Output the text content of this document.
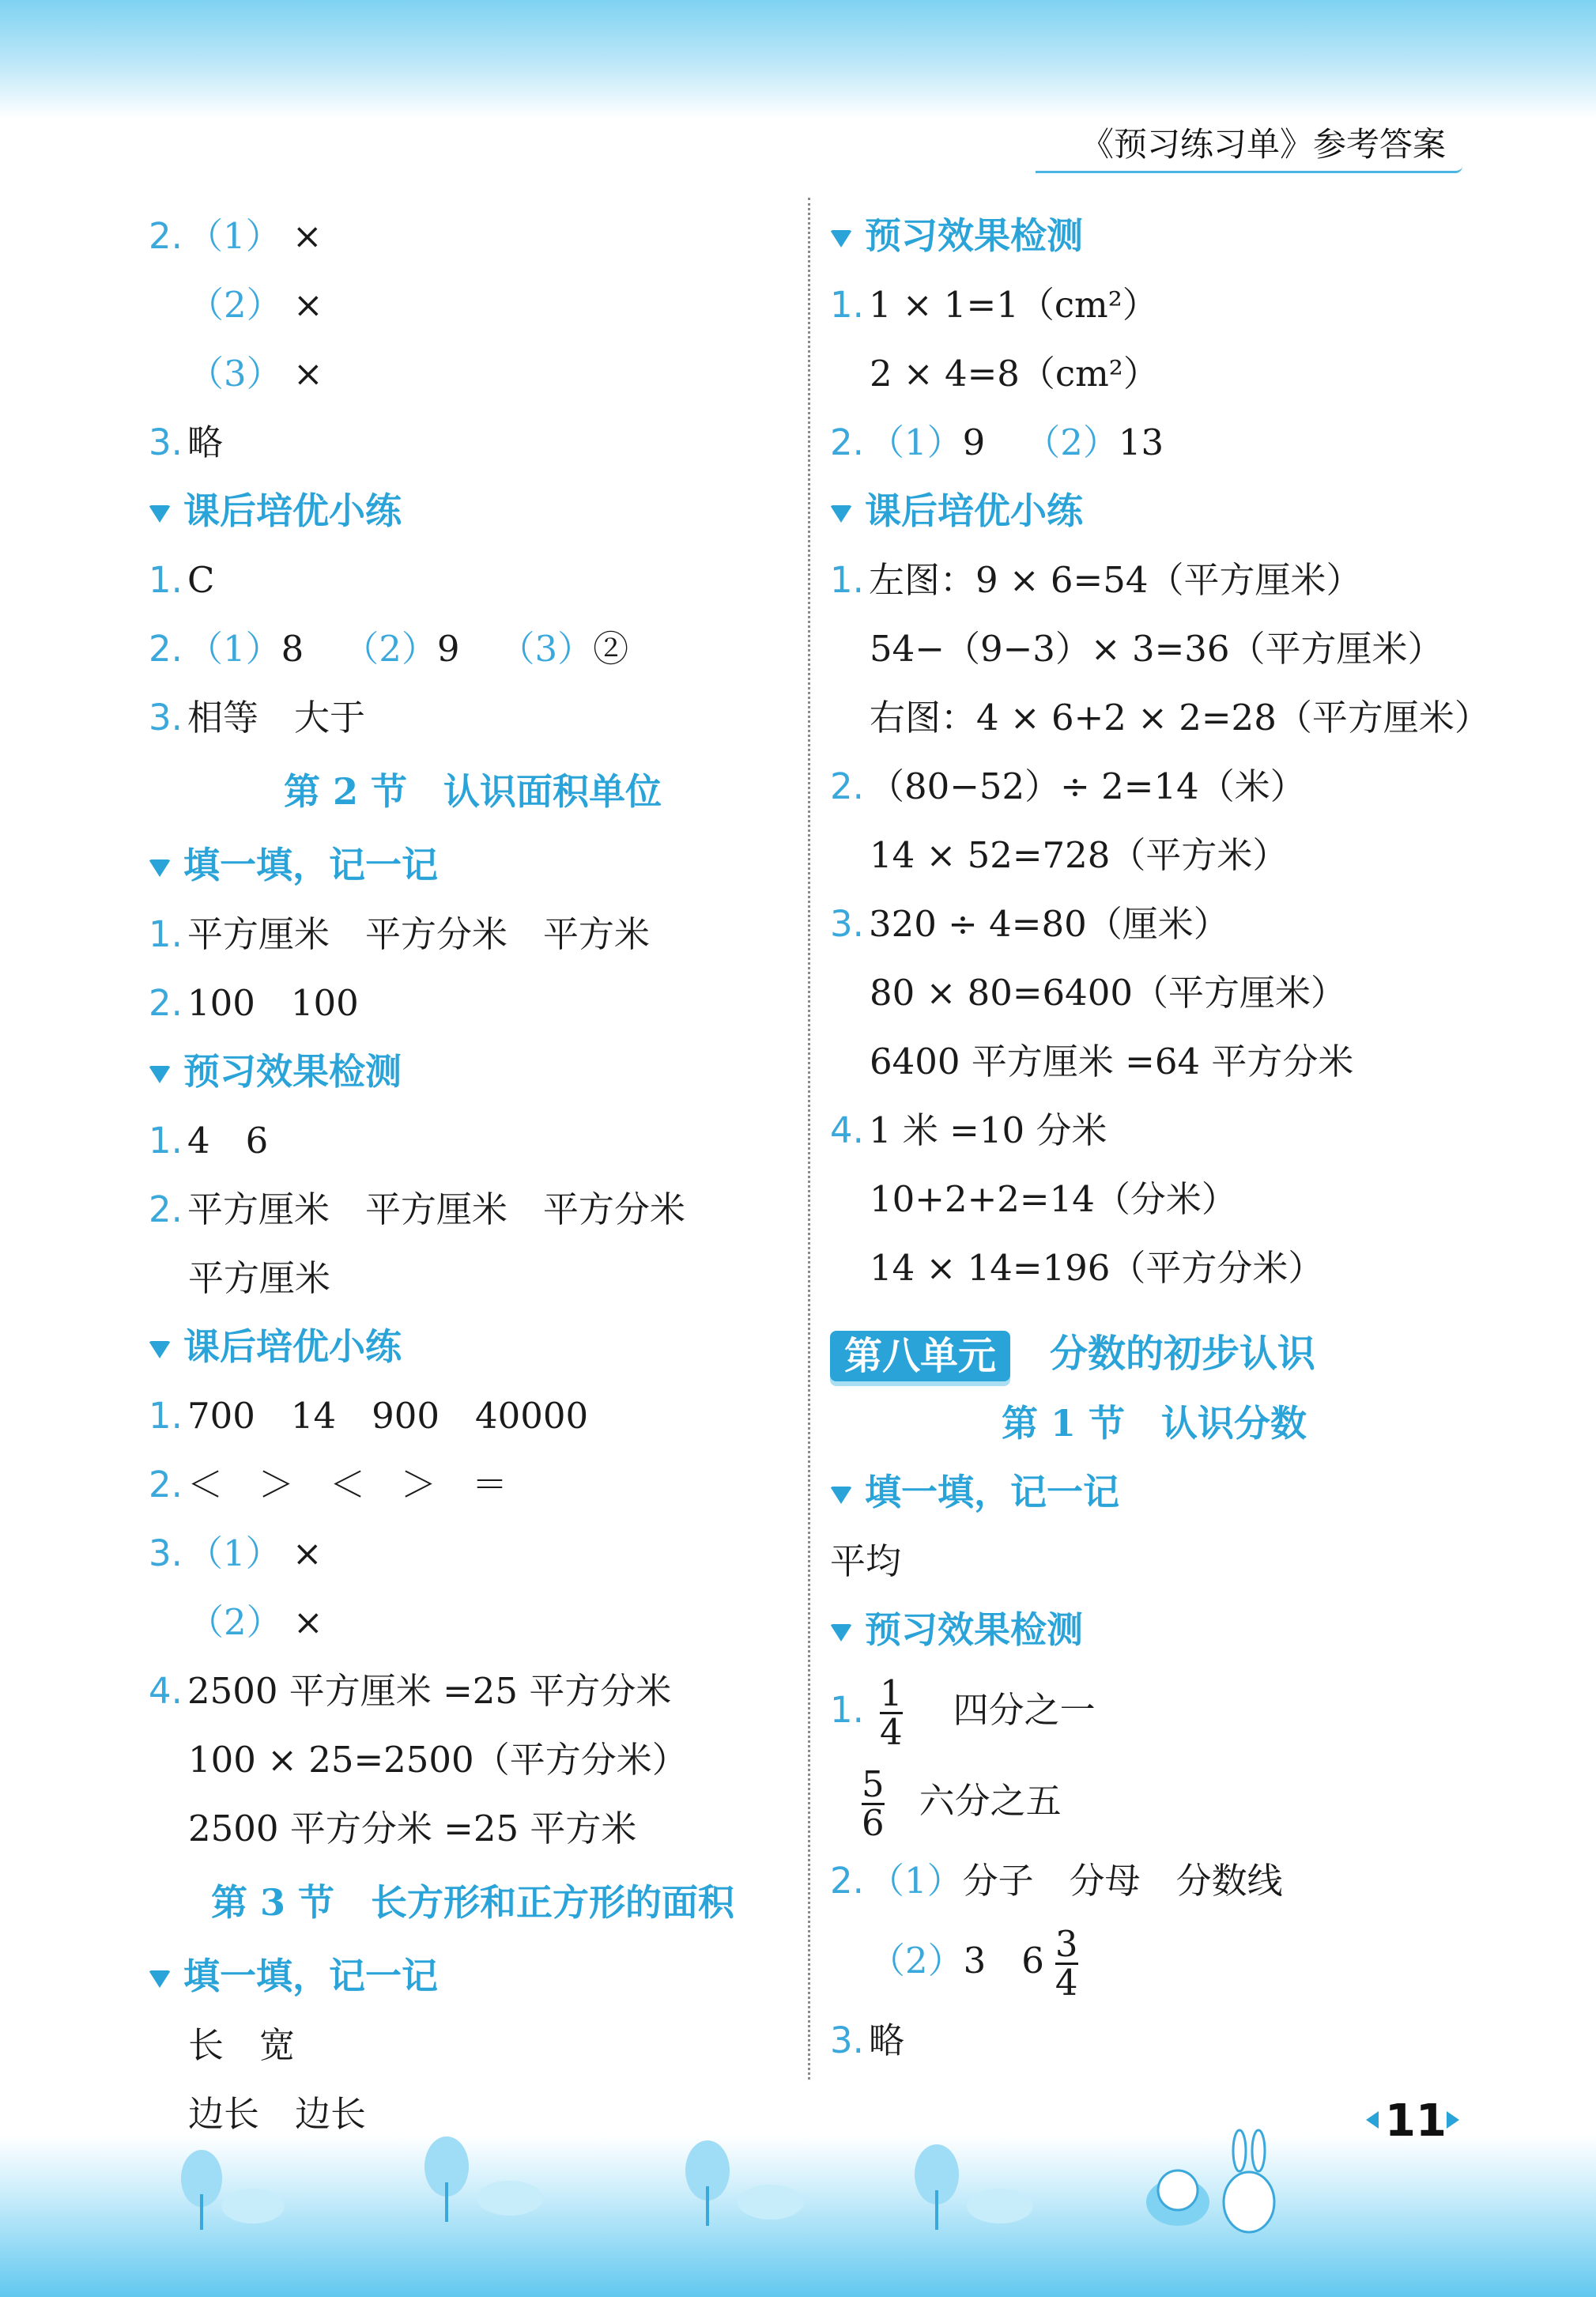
《预习练习单》参考答案
2. （1） ×
（2） ×
（3） ×
3. 略
课后培优小练
1. C
2. （1）8 （2）9 （3）②
3. 相等　大于
第 2 节　认识面积单位
填一填，记一记
1. 平方厘米　平方分米　平方米
2. 100　100
预习效果检测
1. 4　6
2. 平方厘米　平方厘米　平方分米
平方厘米
课后培优小练
1. 700　14　900　40000
2. ＜　＞　＜　＞　＝
3. （1） ×
（2） ×
4. 2500 平方厘米 =25 平方分米
100 × 25=2500（平方分米）
2500 平方分米 =25 平方米
第 3 节　长方形和正方形的面积
填一填，记一记
长　宽
边长　边长
预习效果检测
1. 1 × 1=1（cm²）
2 × 4=8（cm²）
2. （1）9 （2）13
课后培优小练
1. 左图：9 × 6=54（平方厘米）
54−（9−3）× 3=36（平方厘米）
右图：4 × 6+2 × 2=28（平方厘米）
2. （80−52）÷ 2=14（米）
14 × 52=728（平方米）
3. 320 ÷ 4=80（厘米）
80 × 80=6400（平方厘米）
6400 平方厘米 =64 平方分米
4. 1 米 =10 分米
10+2+2=14（分米）
14 × 14=196（平方分米）
第八单元 分数的初步认识
第 1 节　认识分数
填一填，记一记
平均
预习效果检测
1. $\frac{1}{4}$ 四分之一
$\frac{5}{6}$ 六分之五
2. （1）分子　分母　分数线
（2）3　$6 \frac{3}{4}$
3. 略
11
